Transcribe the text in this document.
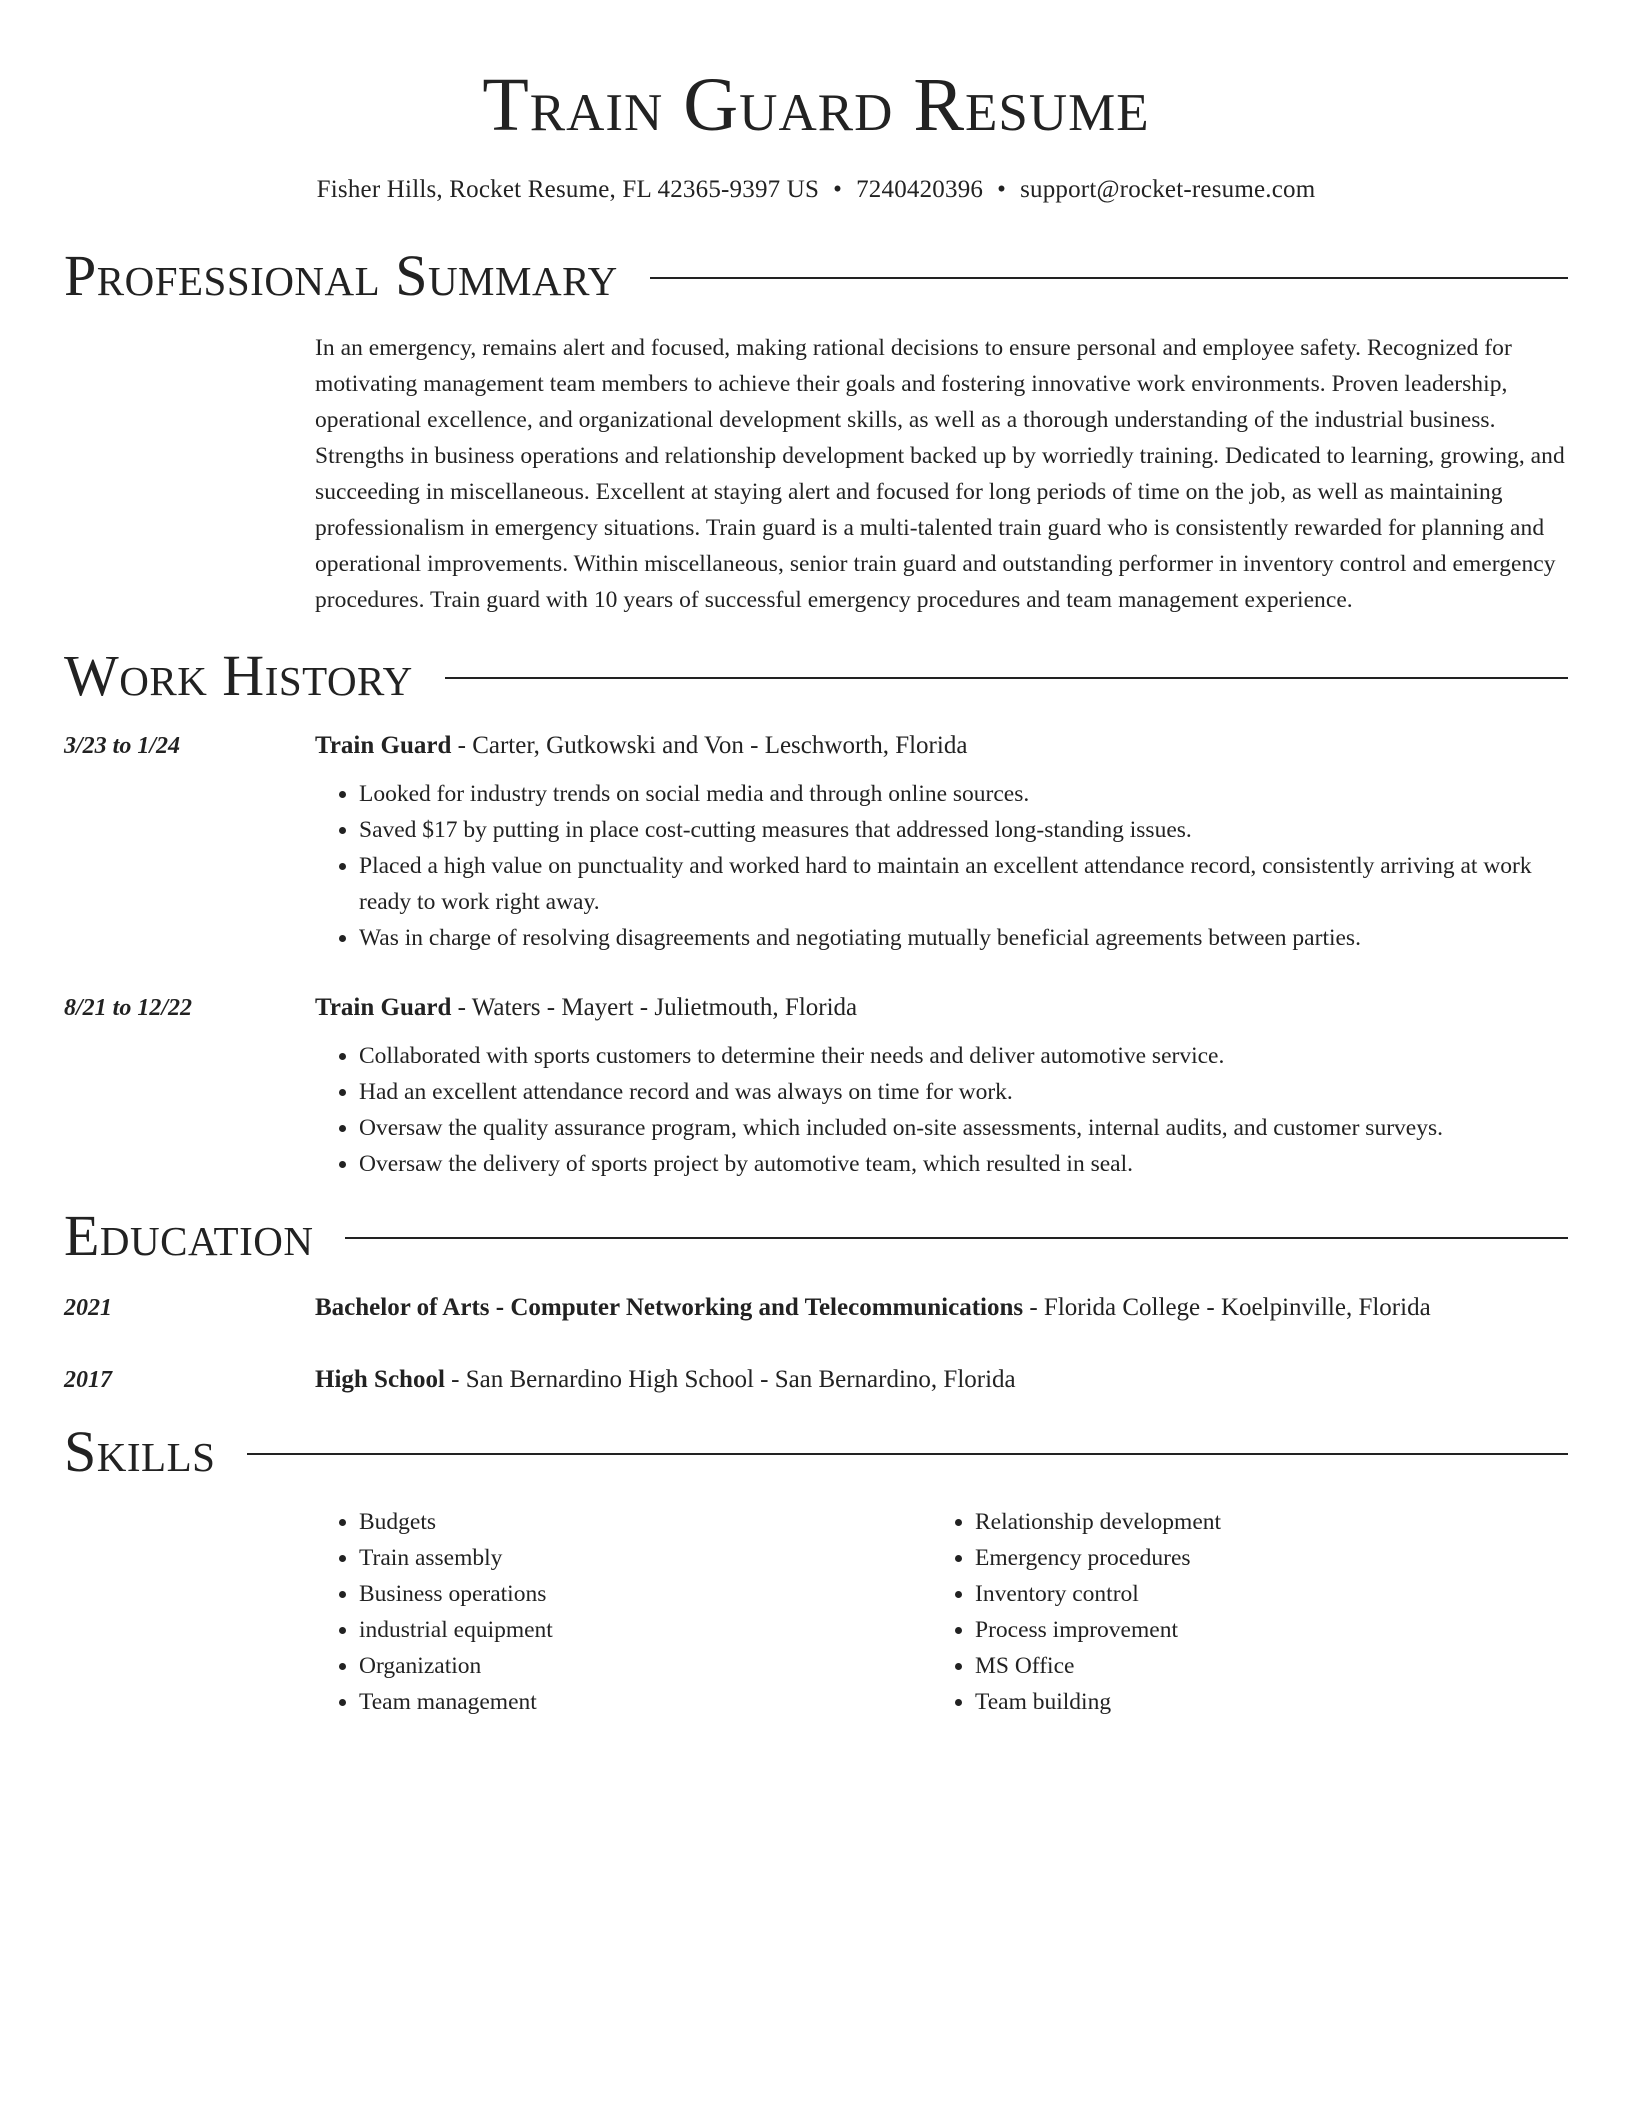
Train Guard Resume
Fisher Hills, Rocket Resume, FL 42365-9397 US • 7240420396 • support@rocket-resume.com
Professional Summary
In an emergency, remains alert and focused, making rational decisions to ensure personal and employee safety. Recognized for motivating management team members to achieve their goals and fostering innovative work environments. Proven leadership, operational excellence, and organizational development skills, as well as a thorough understanding of the industrial business. Strengths in business operations and relationship development backed up by worriedly training. Dedicated to learning, growing, and succeeding in miscellaneous. Excellent at staying alert and focused for long periods of time on the job, as well as maintaining professionalism in emergency situations. Train guard is a multi-talented train guard who is consistently rewarded for planning and operational improvements. Within miscellaneous, senior train guard and outstanding performer in inventory control and emergency procedures. Train guard with 10 years of successful emergency procedures and team management experience.
Work History
3/23 to 1/24	Train Guard - Carter, Gutkowski and Von - Leschworth, Florida
• Looked for industry trends on social media and through online sources.
• Saved $17 by putting in place cost-cutting measures that addressed long-standing issues.
• Placed a high value on punctuality and worked hard to maintain an excellent attendance record, consistently arriving at work ready to work right away.
• Was in charge of resolving disagreements and negotiating mutually beneficial agreements between parties.
8/21 to 12/22	Train Guard - Waters - Mayert - Julietmouth, Florida
• Collaborated with sports customers to determine their needs and deliver automotive service.
• Had an excellent attendance record and was always on time for work.
• Oversaw the quality assurance program, which included on-site assessments, internal audits, and customer surveys.
• Oversaw the delivery of sports project by automotive team, which resulted in seal.
Education
2021	Bachelor of Arts - Computer Networking and Telecommunications - Florida College - Koelpinville, Florida
2017	High School - San Bernardino High School - San Bernardino, Florida
Skills
• Budgets
• Train assembly
• Business operations
• industrial equipment
• Organization
• Team management
• Relationship development
• Emergency procedures
• Inventory control
• Process improvement
• MS Office
• Team building
